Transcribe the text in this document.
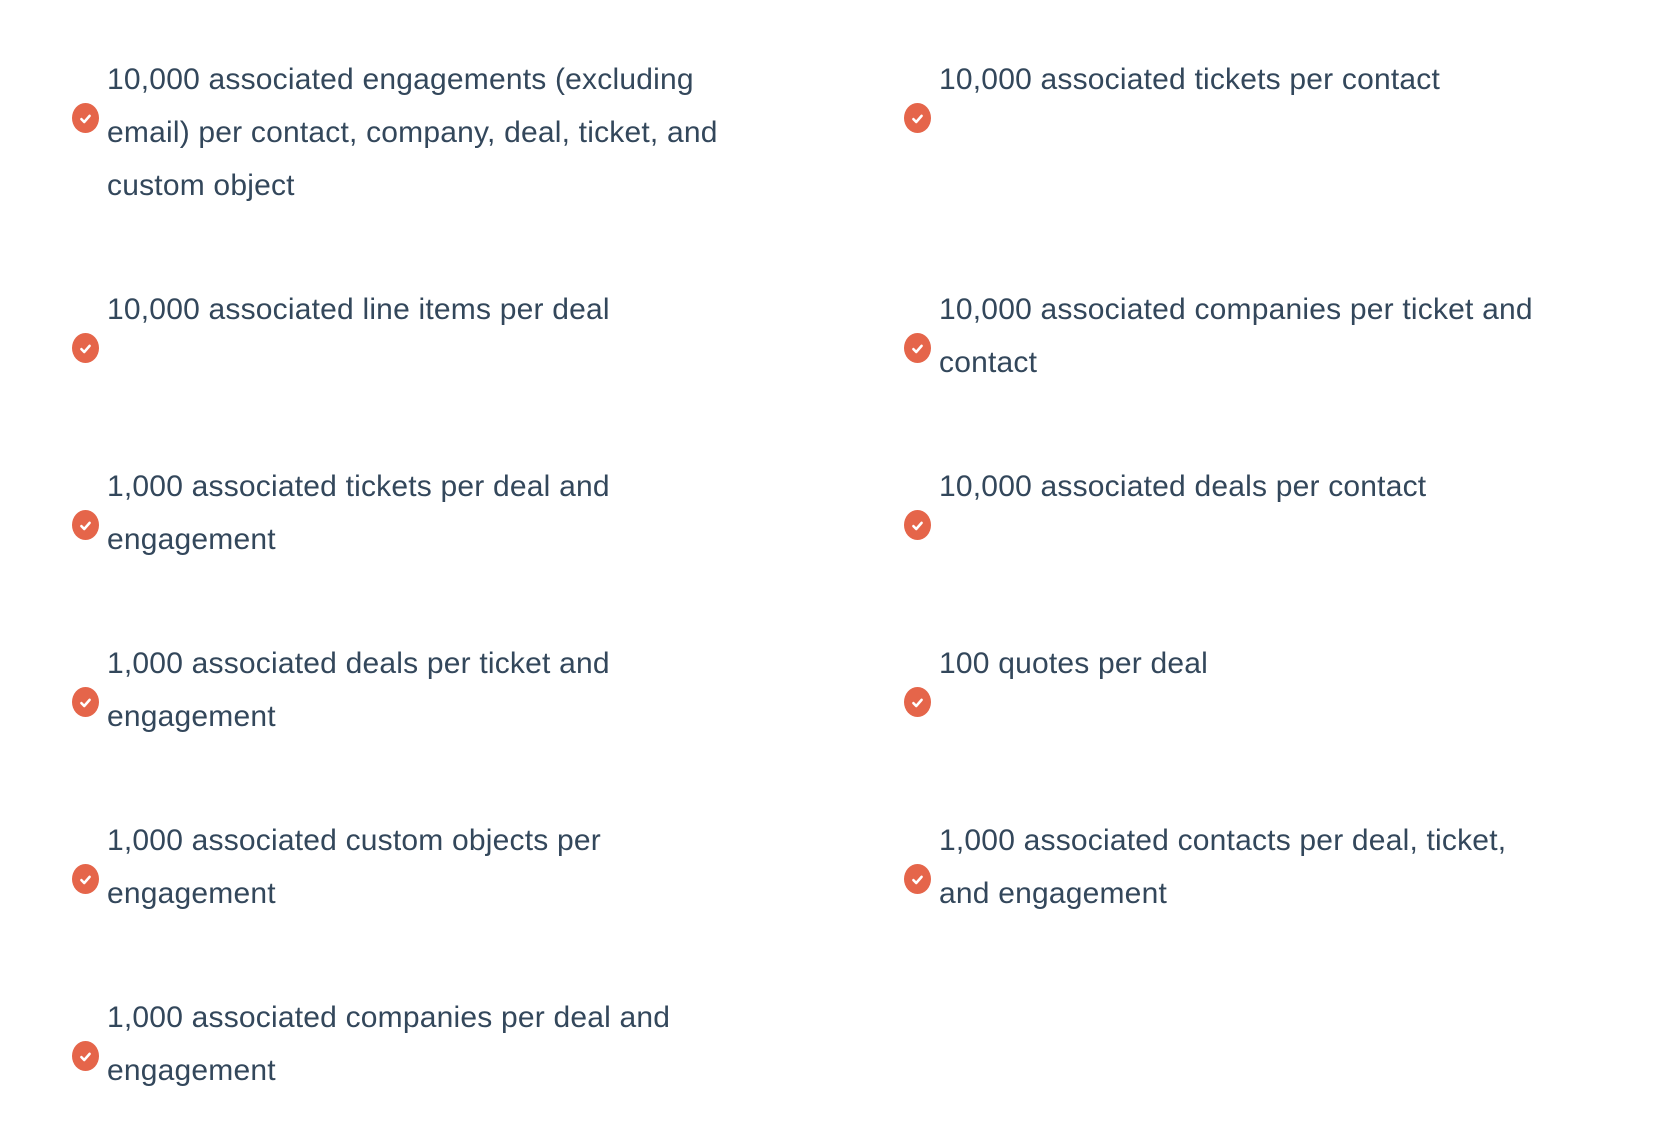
10,000 associated engagements (excluding email) per contact, company, deal, ticket, and custom object
10,000 associated line items per deal
1,000 associated tickets per deal and engagement
1,000 associated deals per ticket and engagement
1,000 associated custom objects per engagement
1,000 associated companies per deal and engagement
10,000 associated tickets per contact
10,000 associated companies per ticket and contact
10,000 associated deals per contact
100 quotes per deal
1,000 associated contacts per deal, ticket, and engagement
